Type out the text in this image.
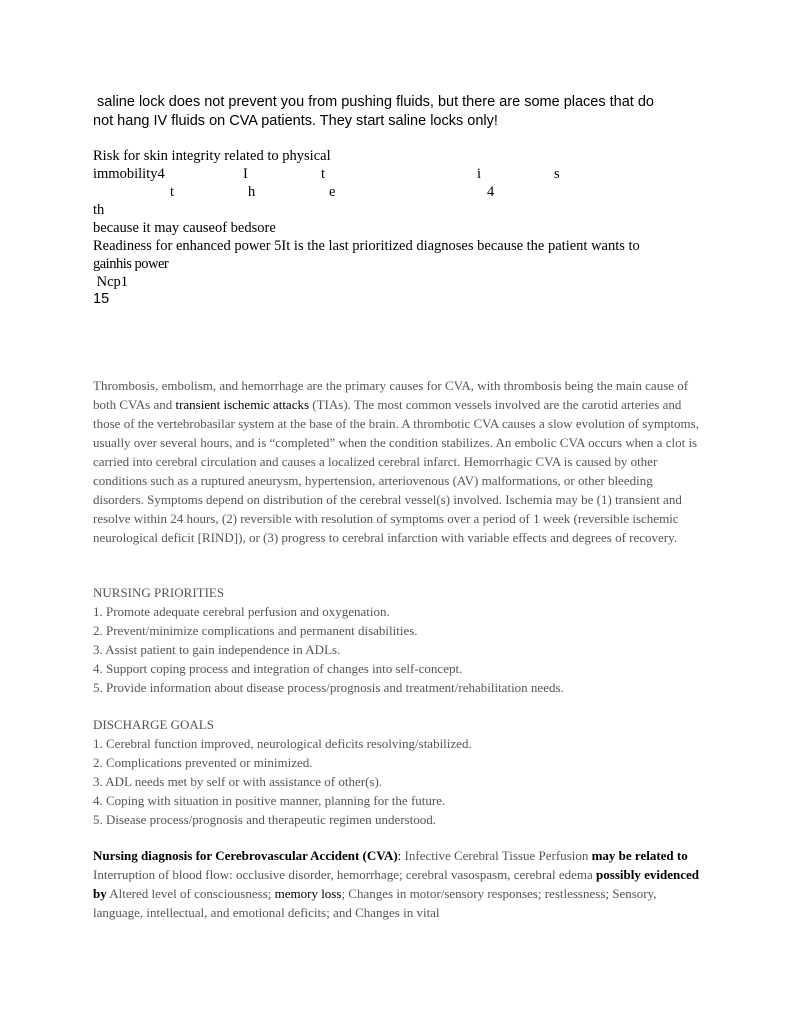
saline lock does not prevent you from pushing fluids, but there are some places that do
not hang IV fluids on CVA patients. They start saline locks only!
Risk for skin integrity related to physical
immobility4	I	t	i	s
t	h	e	4
th
because it may causeof bedsore
Readiness for enhanced power 5It is the last prioritized diagnoses because the patient wants to
gainhis power
Ncp1
15

Thrombosis, embolism, and hemorrhage are the primary causes for CVA, with thrombosis being the main cause of both CVAs and transient ischemic attacks (TIAs). The most common vessels involved are the carotid arteries and those of the vertebrobasilar system at the base of the brain. A thrombotic CVA causes a slow evolution of symptoms, usually over several hours, and is “completed” when the condition stabilizes. An embolic CVA occurs when a clot is carried into cerebral circulation and causes a localized cerebral infarct. Hemorrhagic CVA is caused by other conditions such as a ruptured aneurysm, hypertension, arteriovenous (AV) malformations, or other bleeding disorders. Symptoms depend on distribution of the cerebral vessel(s) involved. Ischemia may be (1) transient and resolve within 24 hours, (2) reversible with resolution of symptoms over a period of 1 week (reversible ischemic neurological deficit [RIND]), or (3) progress to cerebral infarction with variable effects and degrees of recovery.

NURSING PRIORITIES
1. Promote adequate cerebral perfusion and oxygenation.
2. Prevent/minimize complications and permanent disabilities.
3. Assist patient to gain independence in ADLs.
4. Support coping process and integration of changes into self-concept.
5. Provide information about disease process/prognosis and treatment/rehabilitation needs.
DISCHARGE GOALS
1. Cerebral function improved, neurological deficits resolving/stabilized.
2. Complications prevented or minimized.
3. ADL needs met by self or with assistance of other(s).
4. Coping with situation in positive manner, planning for the future.
5. Disease process/prognosis and therapeutic regimen understood.

Nursing diagnosis for Cerebrovascular Accident (CVA): Infective Cerebral Tissue Perfusion may be related to Interruption of blood flow: occlusive disorder, hemorrhage; cerebral vasospasm, cerebral edema possibly evidenced by Altered level of consciousness; memory loss; Changes in motor/sensory responses; restlessness; Sensory, language, intellectual, and emotional deficits; and Changes in vital
